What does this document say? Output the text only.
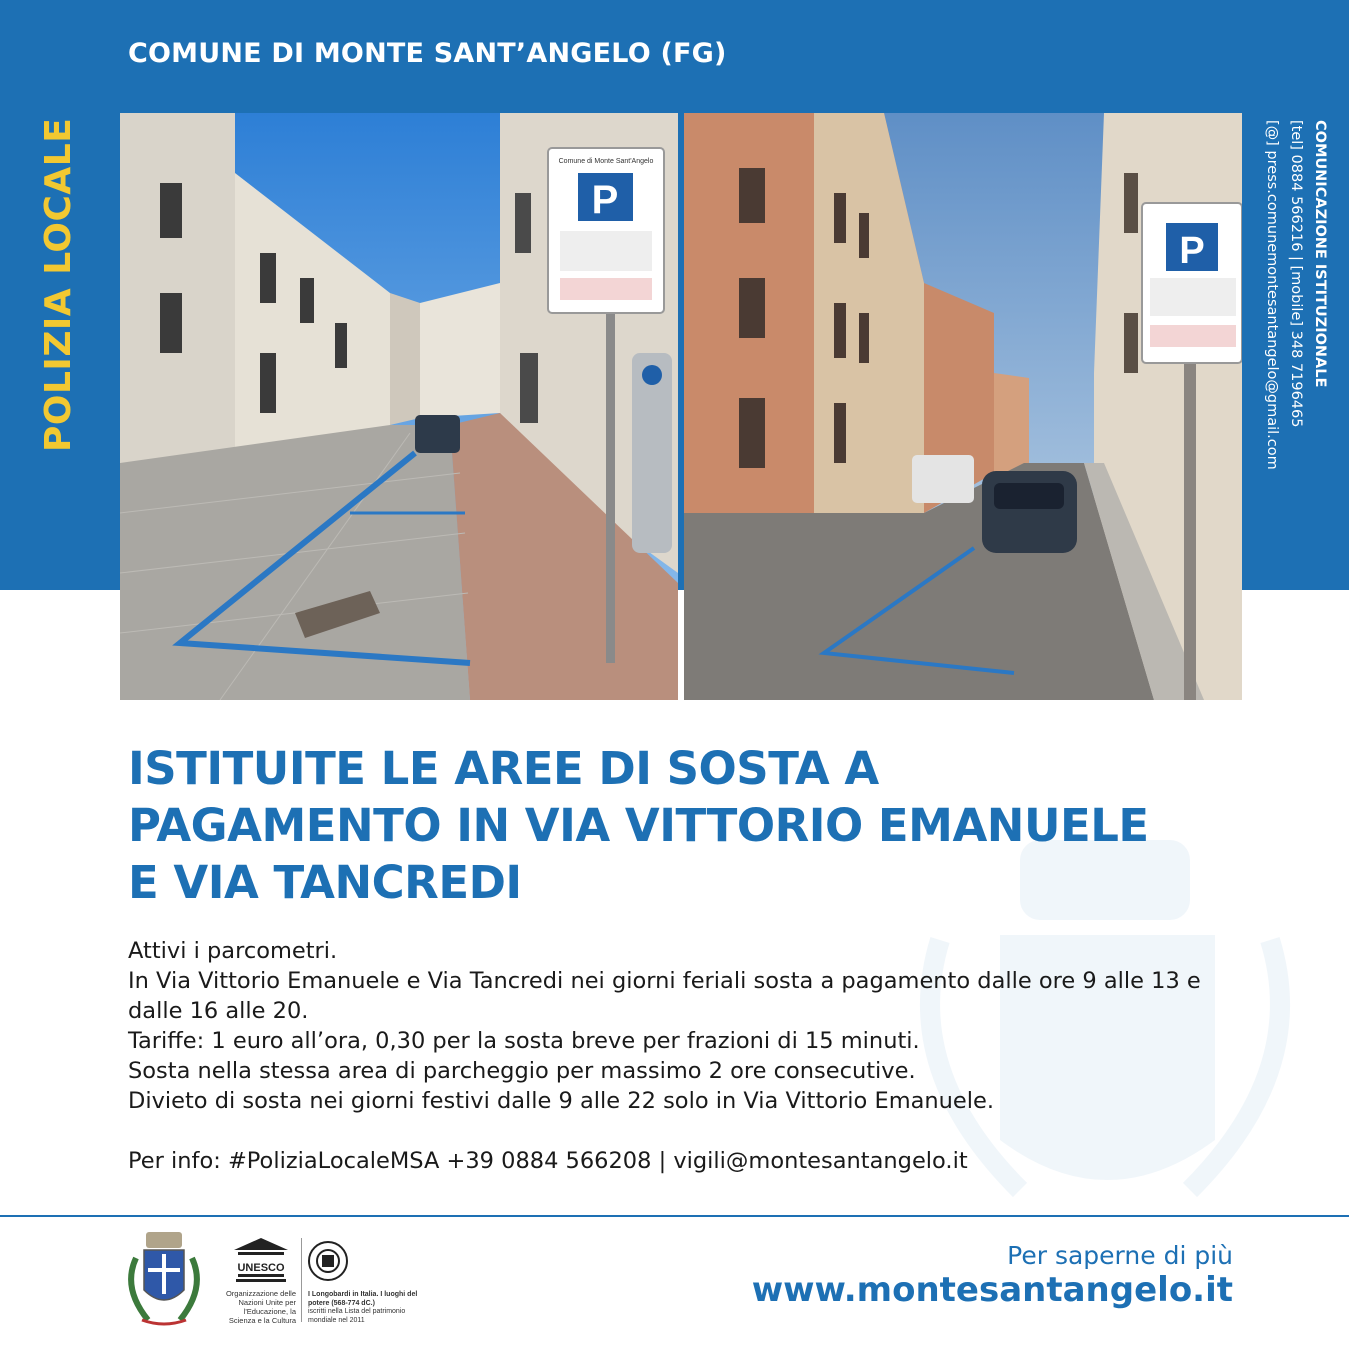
COMUNE DI MONTE SANT’ANGELO (FG)
POLIZIA LOCALE	COMUNICAZIONE ISTITUZIONALE
[tel] 0884 566216 | [mobile] 348 7196465
[@] press.comunemontesantangelo@gmail.com
Comune di Monte Sant'Angelo
P
P
ISTITUITE LE AREE DI SOSTA A
PAGAMENTO IN VIA VITTORIO EMANUELE
E VIA TANCREDI

Attivi i parcometri.

In Via Vittorio Emanuele e Via Tancredi nei giorni feriali sosta a pagamento dalle ore 9 alle 13 e dalle 16 alle 20.

Tariffe: 1 euro all’ora, 0,30 per la sosta breve per frazioni di 15 minuti.

Sosta nella stessa area di parcheggio per massimo 2 ore consecutive.

Divieto di sosta nei giorni festivi dalle 9 alle 22 solo in Via Vittorio Emanuele.

Per info: #PoliziaLocaleMSA +39 0884 566208 | vigili@montesantangelo.it

UNESCO
Organizzazione delle Nazioni Unite per l'Educazione, la Scienza e la Cultura
I Longobardi in Italia. I luoghi del potere (568-774 dC.)
iscritti nella Lista del patrimonio mondiale nel 2011
Per saperne di più
www.montesantangelo.it
